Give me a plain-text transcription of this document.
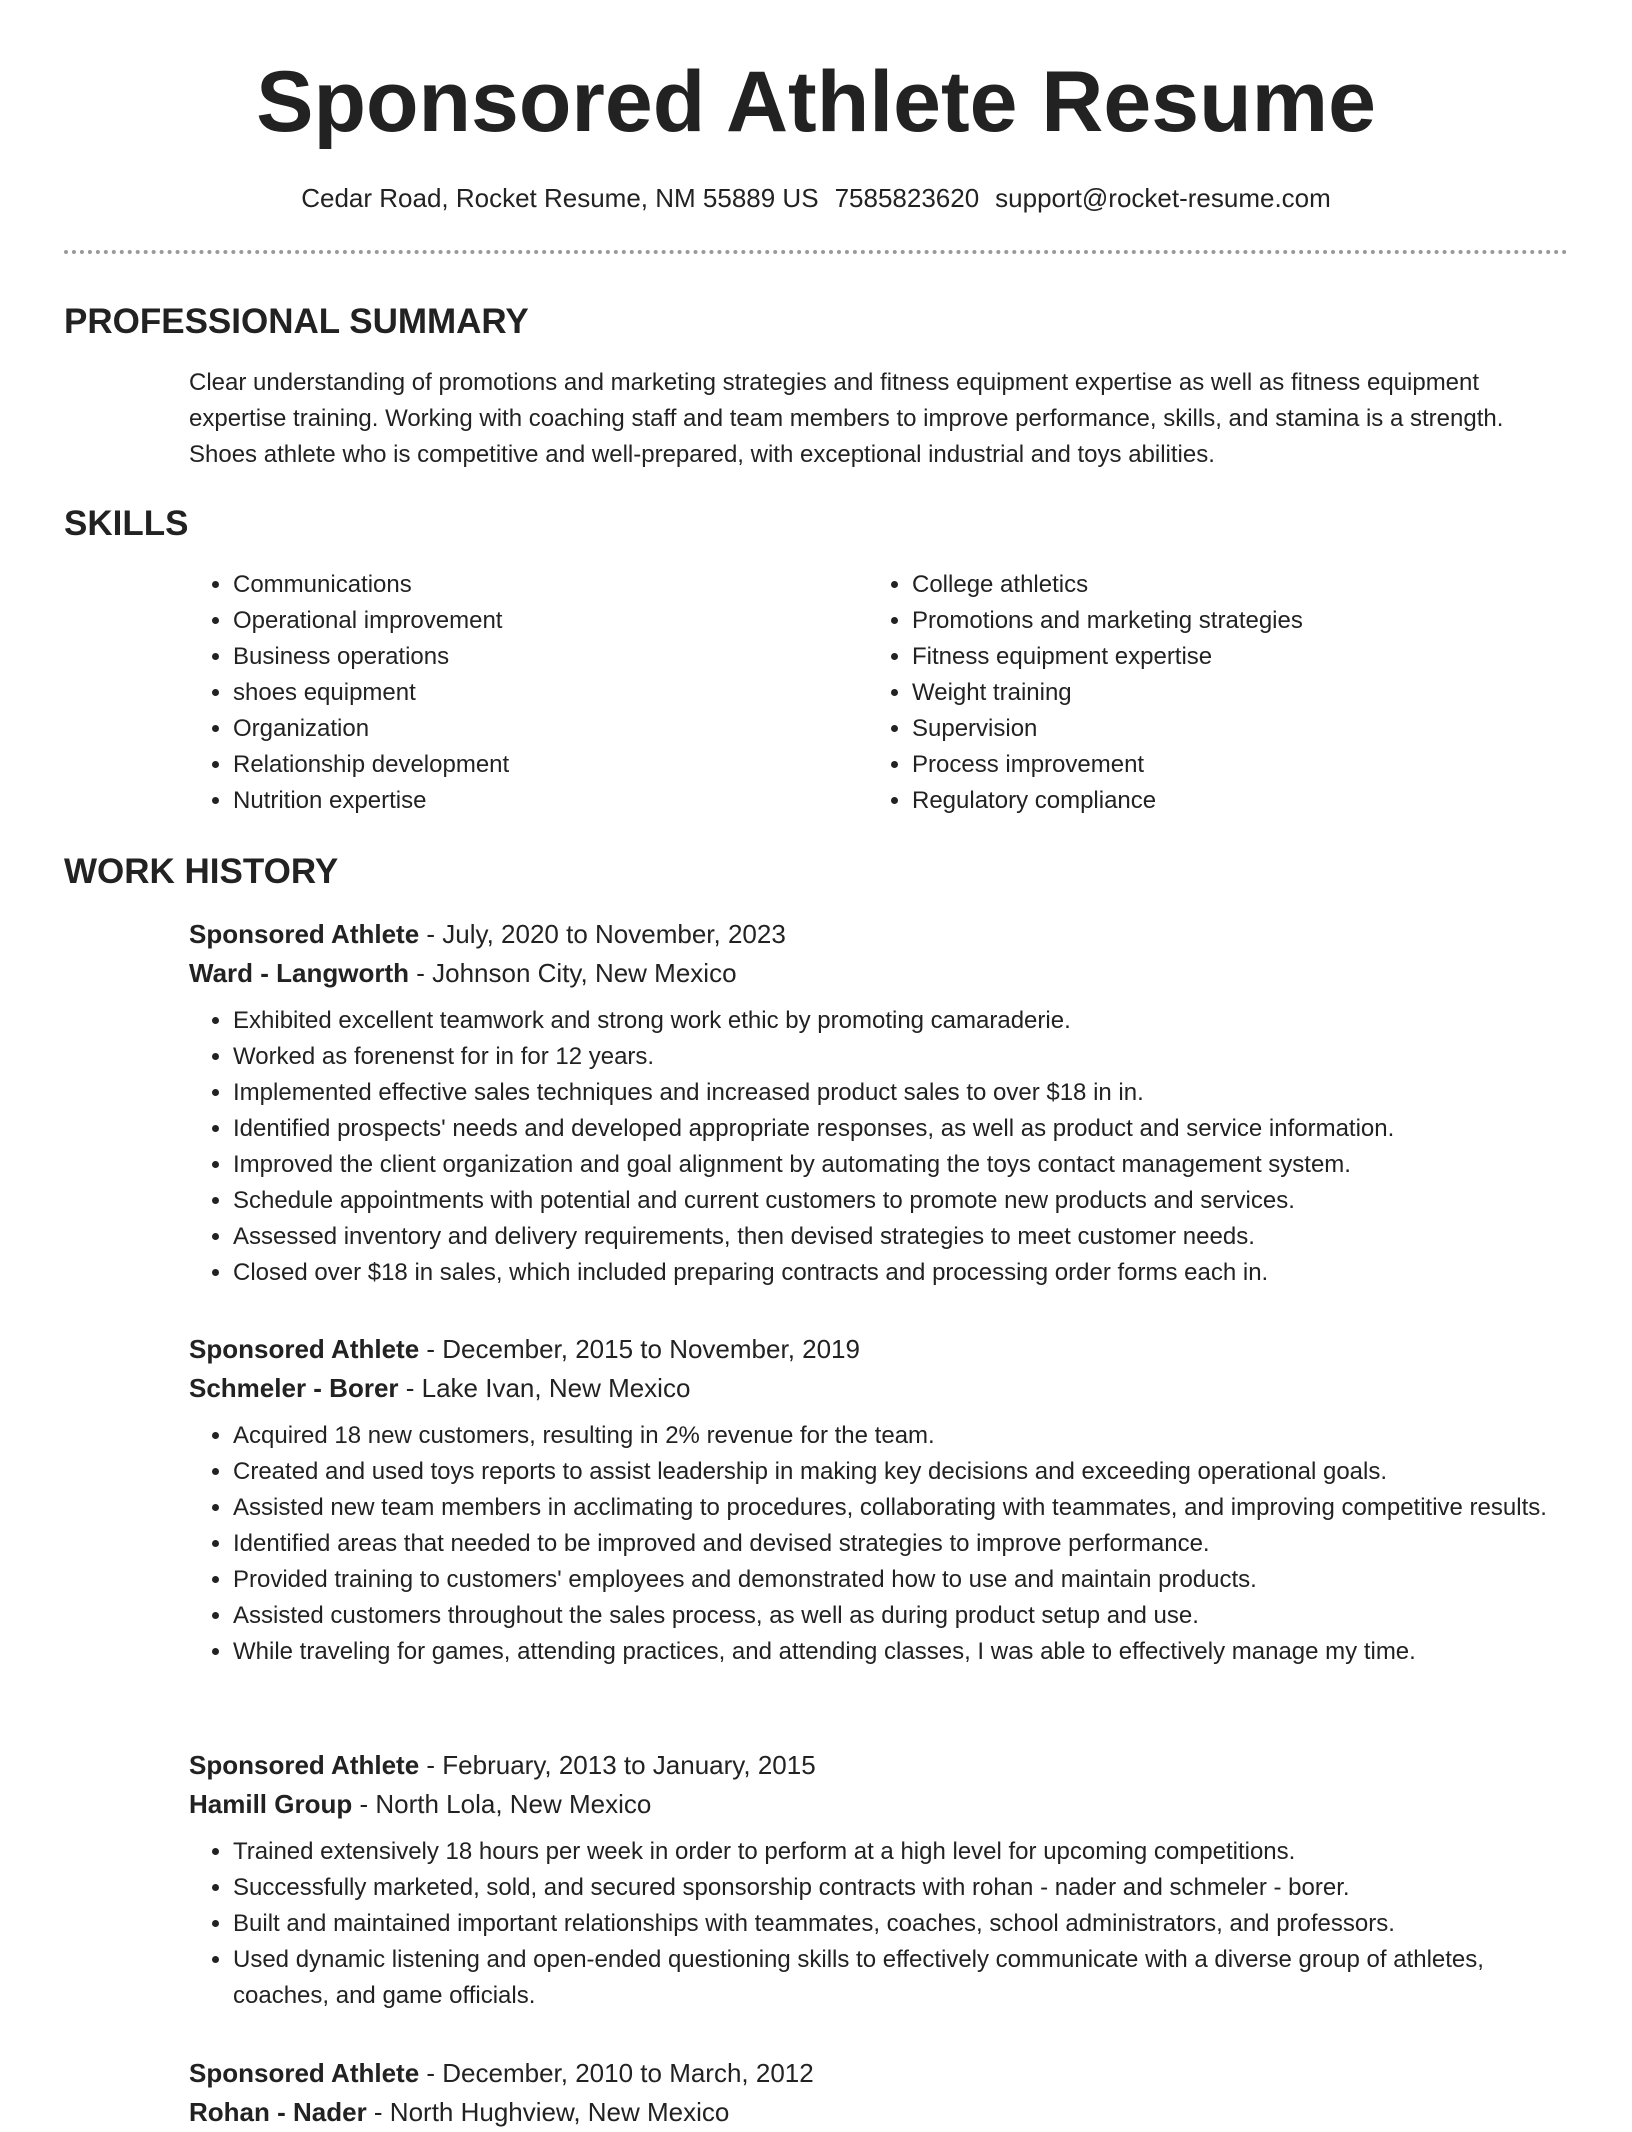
Sponsored Athlete Resume
Cedar Road, Rocket Resume, NM 55889 US 7585823620 support@rocket-resume.com
PROFESSIONAL SUMMARY

Clear understanding of promotions and marketing strategies and fitness equipment expertise as well as fitness equipment expertise training. Working with coaching staff and team members to improve performance, skills, and stamina is a strength. Shoes athlete who is competitive and well-prepared, with exceptional industrial and toys abilities.

SKILLS
• Communications
• Operational improvement
• Business operations
• shoes equipment
• Organization
• Relationship development
• Nutrition expertise
• College athletics
• Promotions and marketing strategies
• Fitness equipment expertise
• Weight training
• Supervision
• Process improvement
• Regulatory compliance
WORK HISTORY

Sponsored Athlete - July, 2020 to November, 2023

Ward - Langworth - Johnson City, New Mexico

• Exhibited excellent teamwork and strong work ethic by promoting camaraderie.
• Worked as forenenst for in for 12 years.
• Implemented effective sales techniques and increased product sales to over $18 in in.
• Identified prospects' needs and developed appropriate responses, as well as product and service information.
• Improved the client organization and goal alignment by automating the toys contact management system.
• Schedule appointments with potential and current customers to promote new products and services.
• Assessed inventory and delivery requirements, then devised strategies to meet customer needs.
• Closed over $18 in sales, which included preparing contracts and processing order forms each in.

Sponsored Athlete - December, 2015 to November, 2019

Schmeler - Borer - Lake Ivan, New Mexico

• Acquired 18 new customers, resulting in 2% revenue for the team.
• Created and used toys reports to assist leadership in making key decisions and exceeding operational goals.
• Assisted new team members in acclimating to procedures, collaborating with teammates, and improving competitive results.
• Identified areas that needed to be improved and devised strategies to improve performance.
• Provided training to customers' employees and demonstrated how to use and maintain products.
• Assisted customers throughout the sales process, as well as during product setup and use.
• While traveling for games, attending practices, and attending classes, I was able to effectively manage my time.

Sponsored Athlete - February, 2013 to January, 2015

Hamill Group - North Lola, New Mexico

• Trained extensively 18 hours per week in order to perform at a high level for upcoming competitions.
• Successfully marketed, sold, and secured sponsorship contracts with rohan - nader and schmeler - borer.
• Built and maintained important relationships with teammates, coaches, school administrators, and professors.
• Used dynamic listening and open-ended questioning skills to effectively communicate with a diverse group of athletes, coaches, and game officials.

Sponsored Athlete - December, 2010 to March, 2012

Rohan - Nader - North Hughview, New Mexico
